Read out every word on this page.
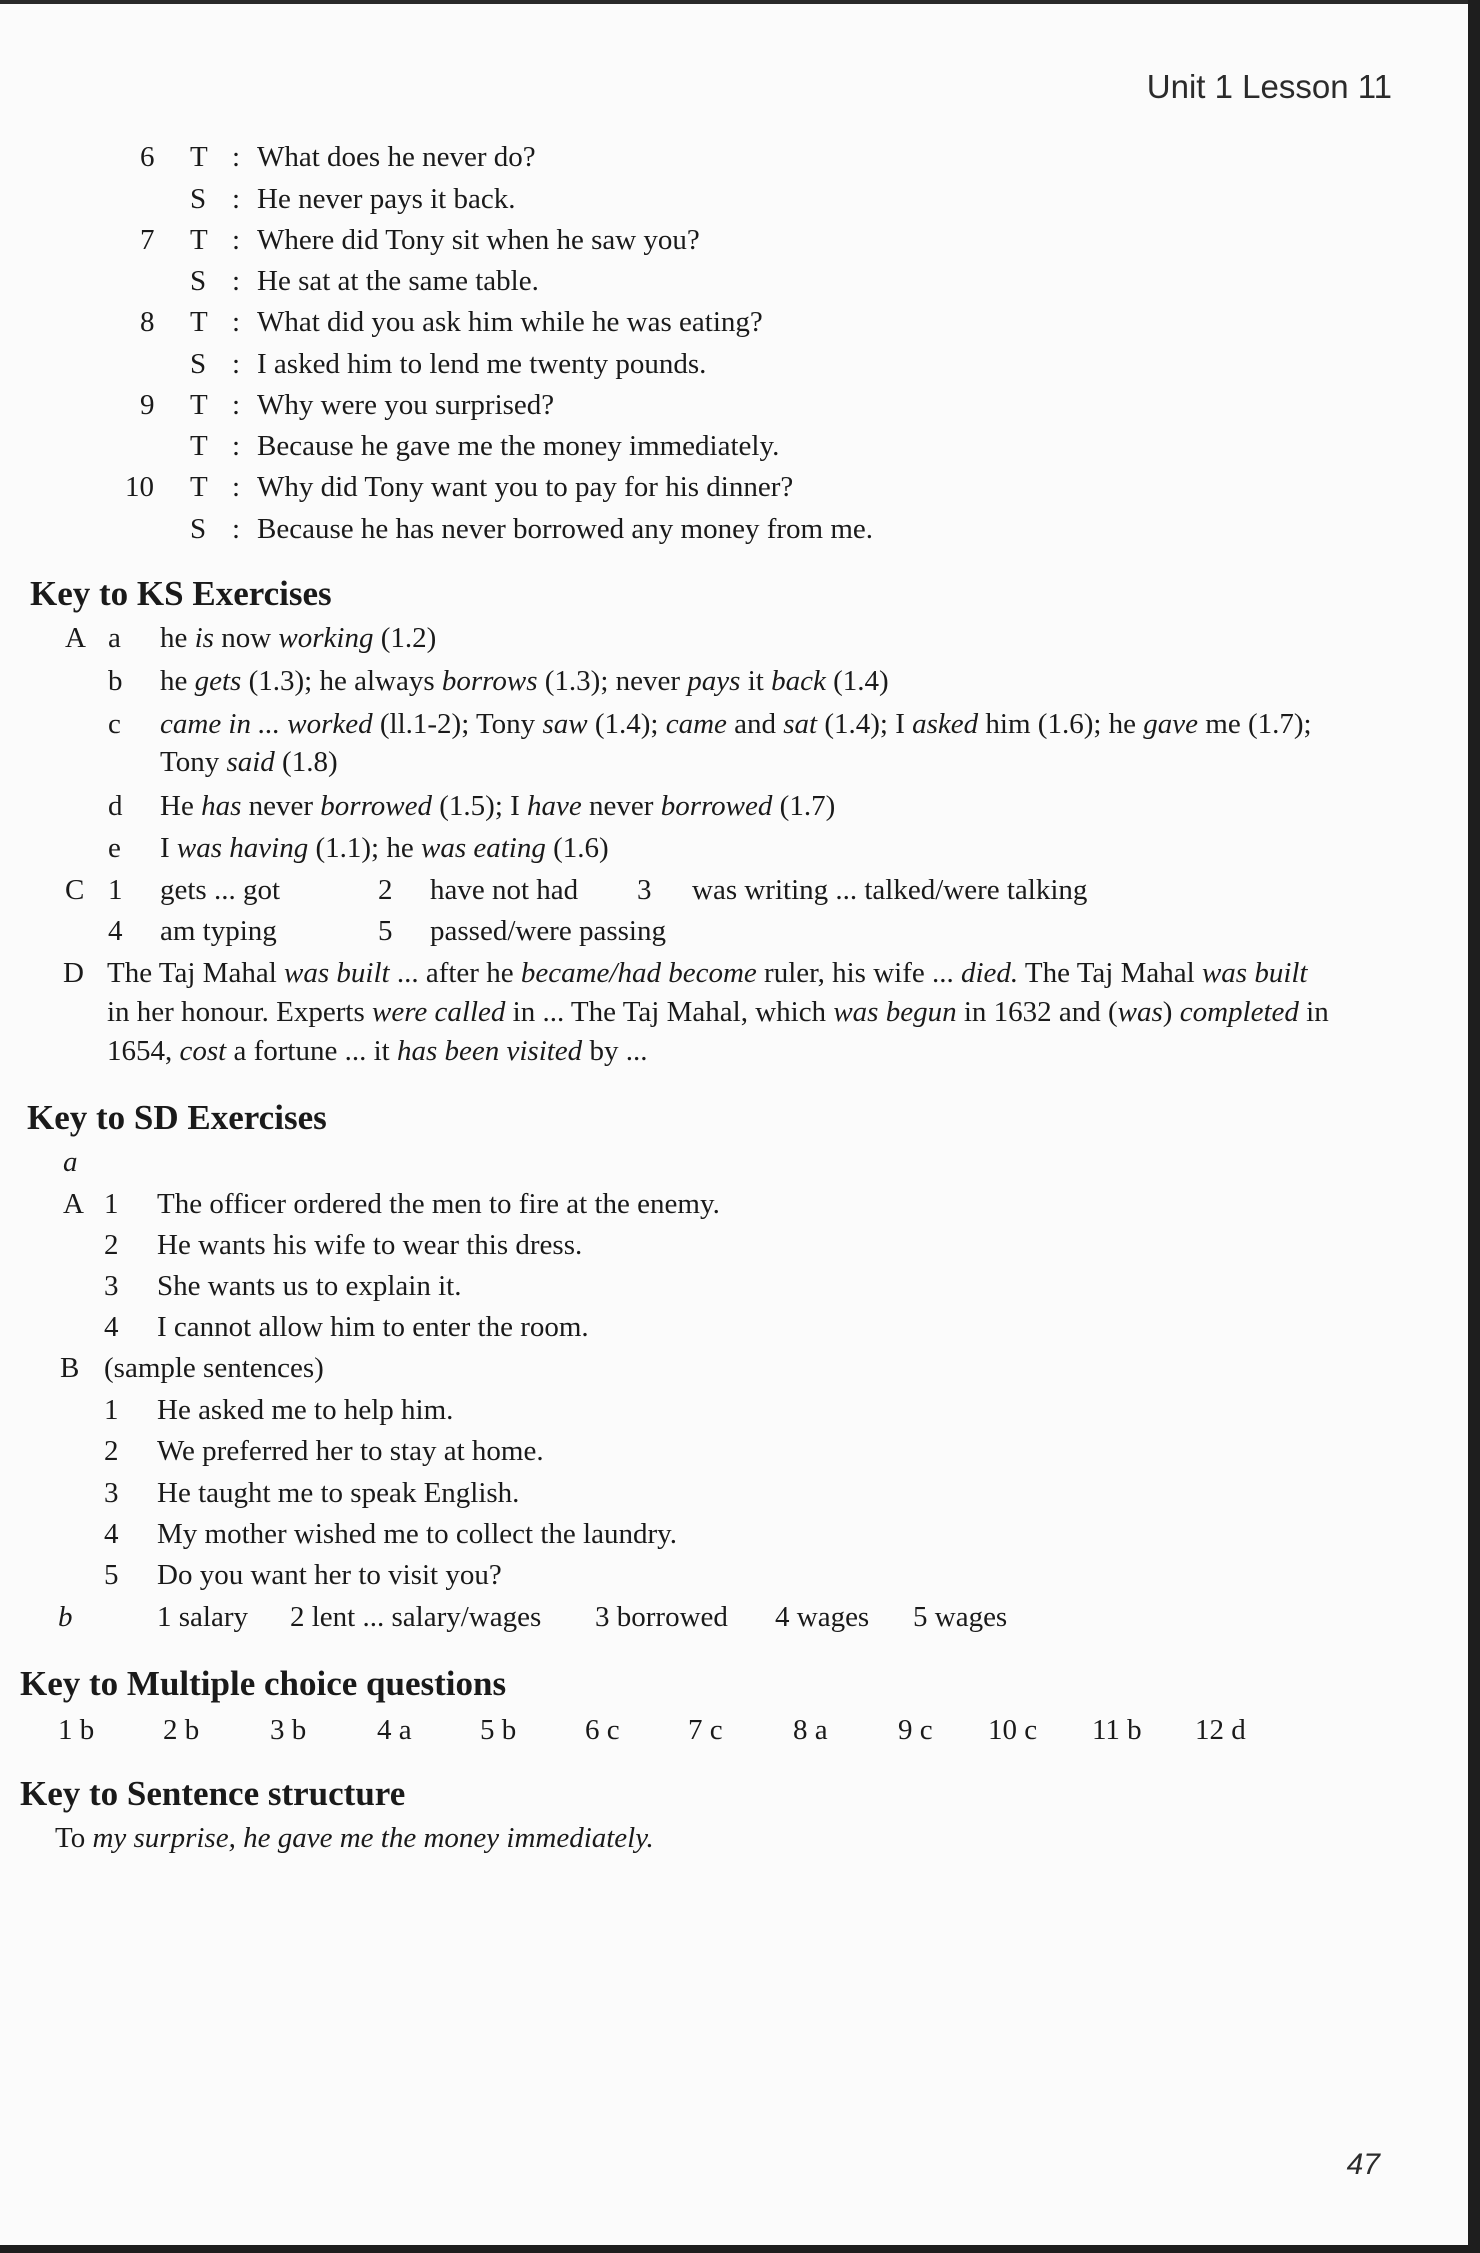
Unit 1 Lesson 11
6 T : What does he never do?
S : He never pays it back.
7 T : Where did Tony sit when he saw you?
S : He sat at the same table.
8 T : What did you ask him while he was eating?
S : I asked him to lend me twenty pounds.
9 T : Why were you surprised?
T : Because he gave me the money immediately.
10 T : Why did Tony want you to pay for his dinner?
S : Because he has never borrowed any money from me.
Key to KS Exercises
A a he is now working (1.2)
b he gets (1.3); he always borrows (1.3); never pays it back (1.4)
c came in ... worked (ll.1-2); Tony saw (1.4); came and sat (1.4); I asked him (1.6); he gave me (1.7);
Tony said (1.8)
d He has never borrowed (1.5); I have never borrowed (1.7)
e I was having (1.1); he was eating (1.6)
C 1 gets ... got	2 have not had 3 was writing ... talked/were talking
4 am typing	5 passed/were passing
D The Taj Mahal was built ... after he became/had become ruler, his wife ... died. The Taj Mahal was built
in her honour. Experts were called in ... The Taj Mahal, which was begun in 1632 and (was) completed in
1654, cost a fortune ... it has been visited by ...
Key to SD Exercises
a
A 1 The officer ordered the men to fire at the enemy.
2 He wants his wife to wear this dress.
3 She wants us to explain it.
4 I cannot allow him to enter the room.
B (sample sentences)
1 He asked me to help him.
2 We preferred her to stay at home.
3 He taught me to speak English.
4 My mother wished me to collect the laundry.
5 Do you want her to visit you?
b	1 salary 2 lent ... salary/wages 3 borrowed 4 wages 5 wages
Key to Multiple choice questions
1 b 2 b 3 b 4 a 5 b 6 c 7 c 8 a 9 c 10 c 11 b 12 d
Key to Sentence structure
To my surprise, he gave me the money immediately.
47
